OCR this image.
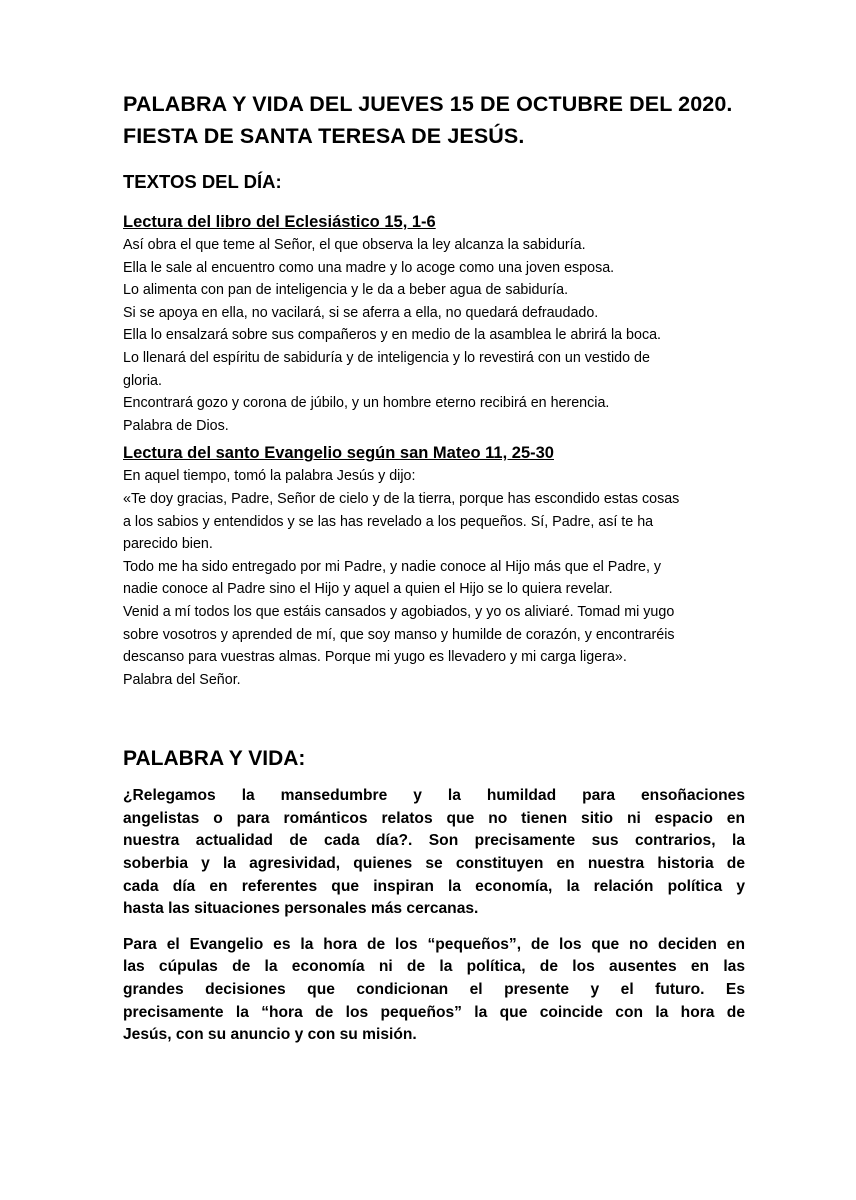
PALABRA Y VIDA DEL JUEVES 15 DE OCTUBRE DEL 2020.
FIESTA DE SANTA TERESA DE JESÚS.
TEXTOS DEL DÍA:
Lectura del libro del Eclesiástico 15, 1-6

Así obra el que teme al Señor, el que observa la ley alcanza la sabiduría.
Ella le sale al encuentro como una madre y lo acoge como una joven esposa.
Lo alimenta con pan de inteligencia y le da a beber agua de sabiduría.
Si se apoya en ella, no vacilará, si se aferra a ella, no quedará defraudado.
Ella lo ensalzará sobre sus compañeros y en medio de la asamblea le abrirá la boca.
Lo llenará del espíritu de sabiduría y de inteligencia y lo revestirá con un vestido de
gloria.
Encontrará gozo y corona de júbilo, y un hombre eterno recibirá en herencia.
Palabra de Dios.

Lectura del santo Evangelio según san Mateo 11, 25-30

En aquel tiempo, tomó la palabra Jesús y dijo:
«Te doy gracias, Padre, Señor de cielo y de la tierra, porque has escondido estas cosas
a los sabios y entendidos y se las has revelado a los pequeños. Sí, Padre, así te ha
parecido bien.
Todo me ha sido entregado por mi Padre, y nadie conoce al Hijo más que el Padre, y
nadie conoce al Padre sino el Hijo y aquel a quien el Hijo se lo quiera revelar.
Venid a mí todos los que estáis cansados y agobiados, y yo os aliviaré. Tomad mi yugo
sobre vosotros y aprended de mí, que soy manso y humilde de corazón, y encontraréis
descanso para vuestras almas. Porque mi yugo es llevadero y mi carga ligera».
Palabra del Señor.

PALABRA Y VIDA:

¿Relegamos la mansedumbre y la humildad para ensoñaciones
angelistas o para románticos relatos que no tienen sitio ni espacio en
nuestra actualidad de cada día?. Son precisamente sus contrarios, la
soberbia y la agresividad, quienes se constituyen en nuestra historia de
cada día en referentes que inspiran la economía, la relación política y
hasta las situaciones personales más cercanas.

Para el Evangelio es la hora de los “pequeños”, de los que no deciden en
las cúpulas de la economía ni de la política, de los ausentes en las
grandes decisiones que condicionan el presente y el futuro. Es
precisamente la “hora de los pequeños” la que coincide con la hora de
Jesús, con su anuncio y con su misión.
